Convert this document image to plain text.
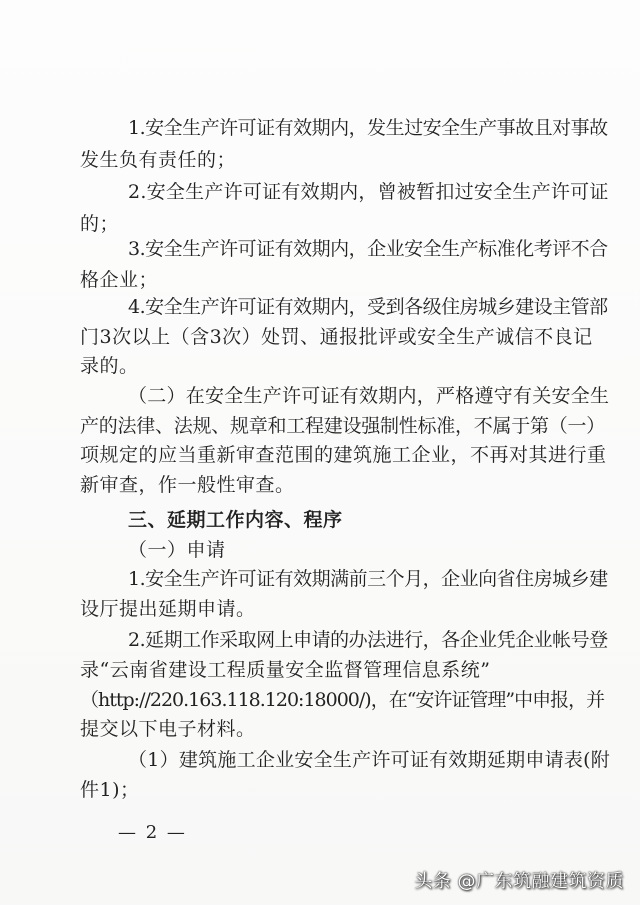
1.安全生产许可证有效期内，发生过安全生产事故且对事故
发生负有责任的；
2.安全生产许可证有效期内，曾被暂扣过安全生产许可证
的；
3.安全生产许可证有效期内，企业安全生产标准化考评不合
格企业；
4.安全生产许可证有效期内，受到各级住房城乡建设主管部
门3次以上（含3次）处罚、通报批评或安全生产诚信不良记
录的。
（二）在安全生产许可证有效期内，严格遵守有关安全生
产的法律、法规、规章和工程建设强制性标准，不属于第（一）
项规定的应当重新审查范围的建筑施工企业，不再对其进行重
新审查，作一般性审查。
三、延期工作内容、程序
（一）申请
1.安全生产许可证有效期满前三个月，企业向省住房城乡建
设厅提出延期申请。
2.延期工作采取网上申请的办法进行，各企业凭企业帐号登
录“云南省建设工程质量安全监督管理信息系统”
（http://220.163.118.120:18000/)，在“安许证管理”中申报，并
提交以下电子材料。
（1）建筑施工企业安全生产许可证有效期延期申请表(附
件1)；
— 2 —
头条 @广东筑融建筑资质
